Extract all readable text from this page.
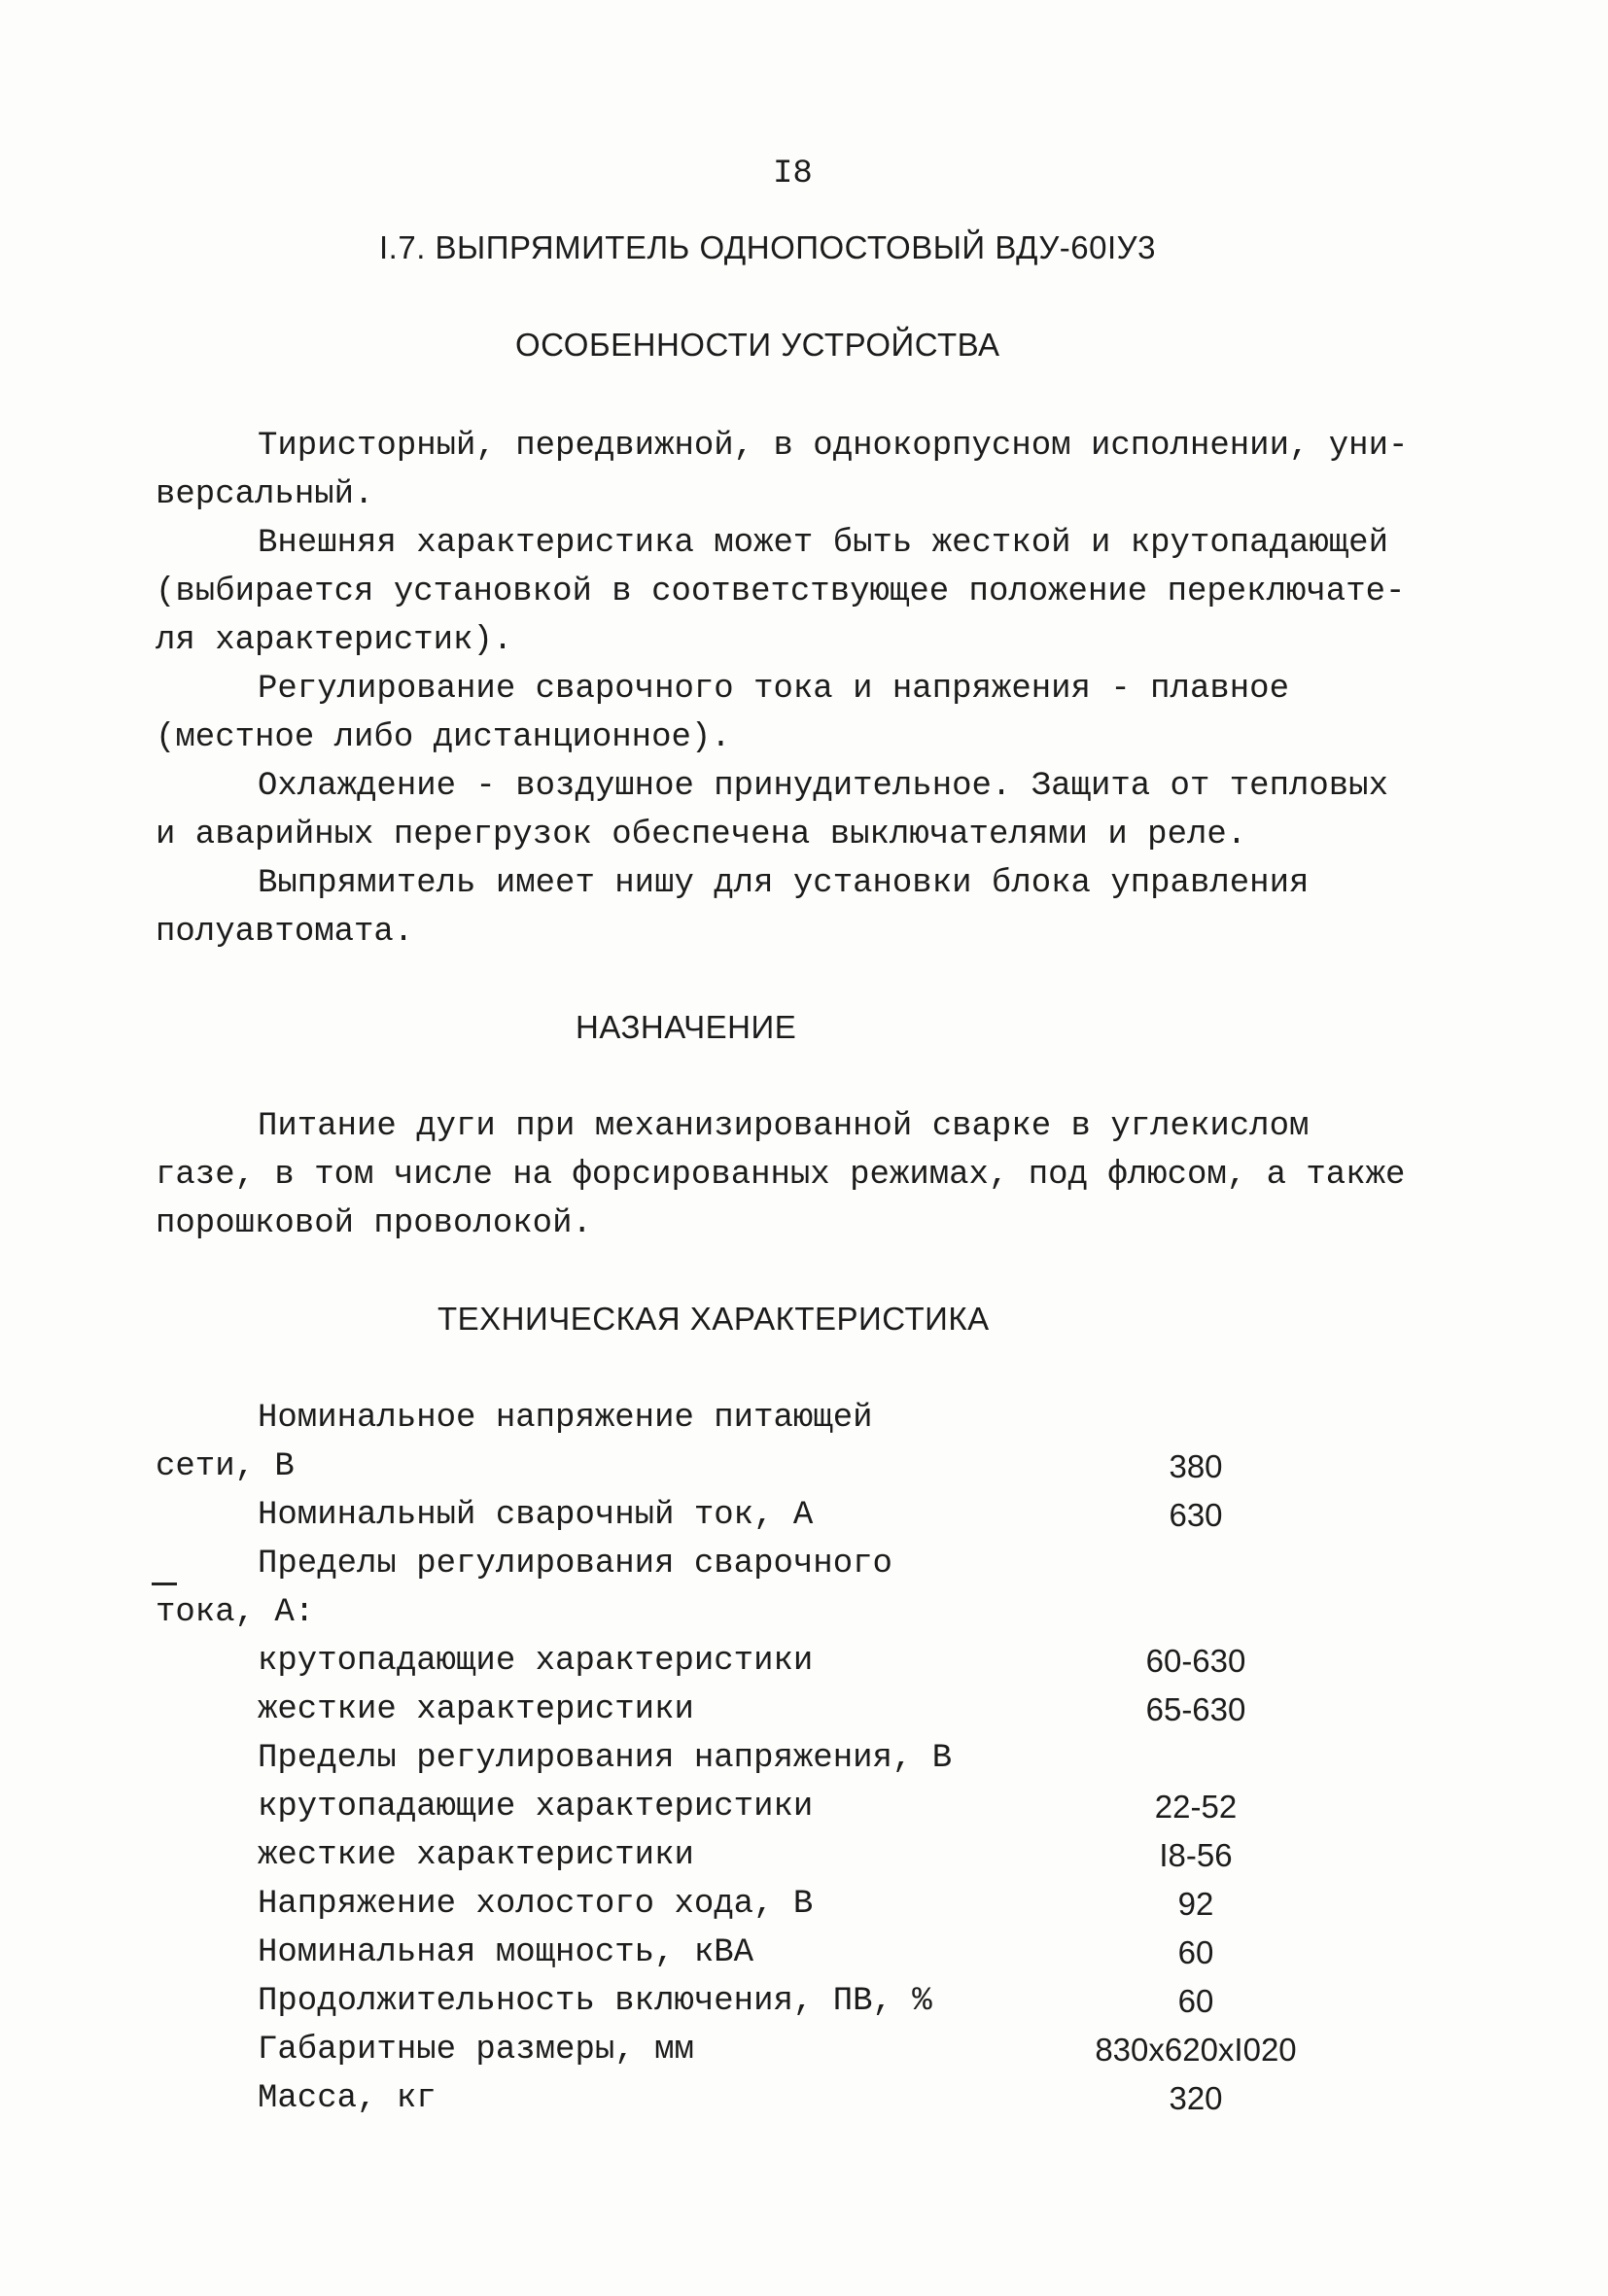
I8
I.7. ВЫПРЯМИТЕЛЬ ОДНОПОСТОВЫЙ ВДУ-60IУ3
ОСОБЕННОСТИ УСТРОЙСТВА
Тиристорный, передвижной, в однокорпусном исполнении, уни-
версальный.
Внешняя характеристика может быть жесткой и крутопадающей
(выбирается установкой в соответствующее положение переключате-
ля характеристик).
Регулирование сварочного тока и напряжения - плавное
(местное либо дистанционное).
Охлаждение - воздушное принудительное. Защита от тепловых
и аварийных перегрузок обеспечена выключателями и реле.
Выпрямитель имеет нишу для установки блока управления
полуавтомата.
НАЗНАЧЕНИЕ
Питание дуги при механизированной сварке в углекислом
газе, в том числе на форсированных режимах, под флюсом, а также
порошковой проволокой.
ТЕХНИЧЕСКАЯ ХАРАКТЕРИСТИКА
Номинальное напряжение питающей
сети, В	380
Номинальный сварочный ток, А	630
Пределы регулирования сварочного
тока, А:
крутопадающие характеристики	60-630
жесткие характеристики	65-630
Пределы регулирования напряжения, В
крутопадающие характеристики	22-52
жесткие характеристики	I8-56
Напряжение холостого хода, В	92
Номинальная мощность, кВА	60
Продолжительность включения, ПВ, %	60
Габаритные размеры, мм	830x620xI020
Масса, кг	320
